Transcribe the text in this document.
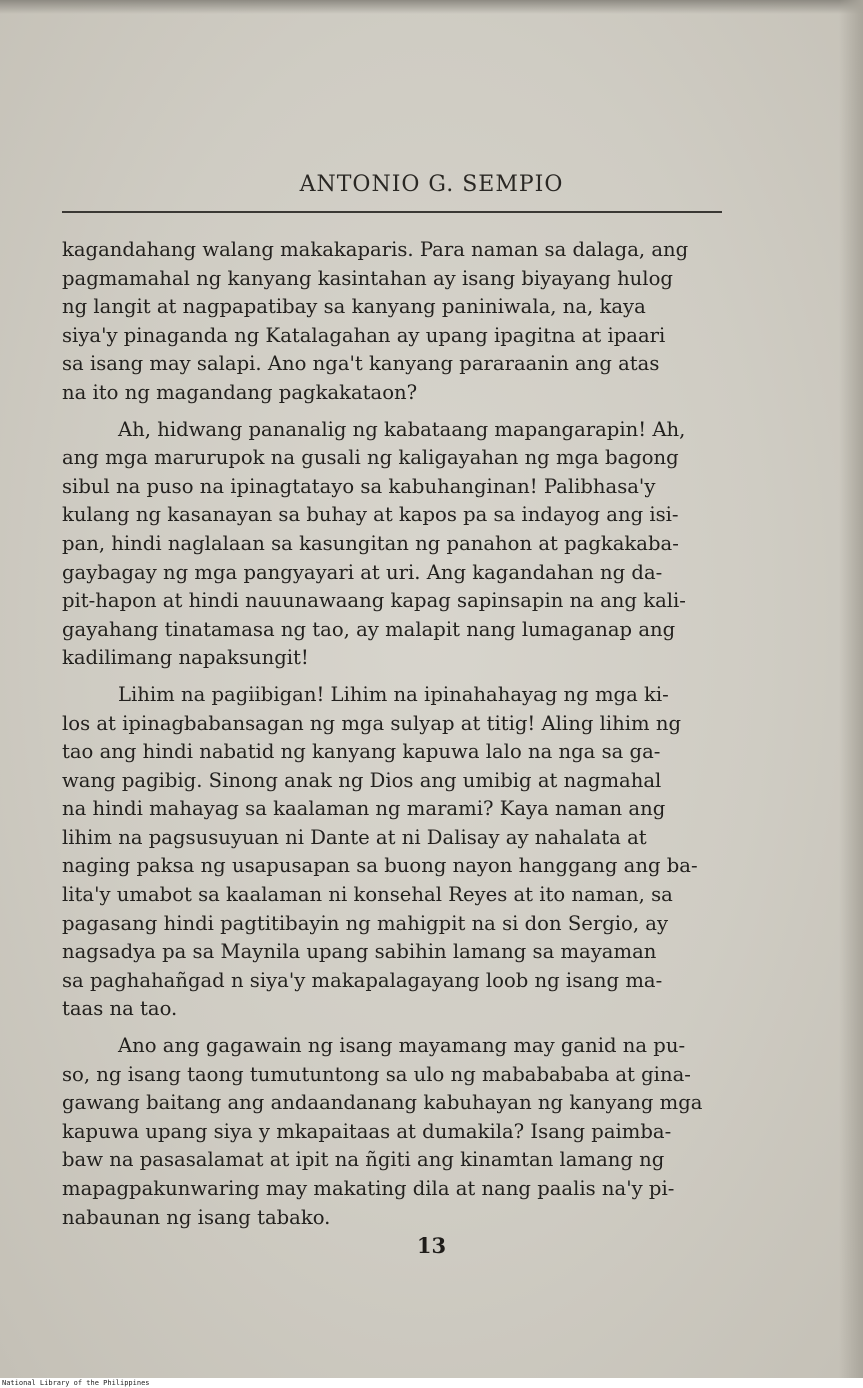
ANTONIO G. SEMPIO

kagandahang walang makakaparis. Para naman sa dalaga, ang
pagmamahal ng kanyang kasintahan ay isang biyayang hulog
ng langit at nagpapatibay sa kanyang paniniwala, na, kaya
siya'y pinaganda ng Katalagahan ay upang ipagitna at ipaari
sa isang may salapi. Ano nga't kanyang pararaanin ang atas
na ito ng magandang pagkakataon?

Ah, hidwang pananalig ng kabataang mapangarapin! Ah,
ang mga marurupok na gusali ng kaligayahan ng mga bagong
sibul na puso na ipinagtatayo sa kabuhanginan! Palibhasa'y
kulang ng kasanayan sa buhay at kapos pa sa indayog ang isi-
pan, hindi naglalaan sa kasungitan ng panahon at pagkakaba-
gaybagay ng mga pangyayari at uri. Ang kagandahan ng da-
pit-hapon at hindi nauunawaang kapag sapinsapin na ang kali-
gayahang tinatamasa ng tao, ay malapit nang lumaganap ang
kadilimang napaksungit!

Lihim na pagiibigan! Lihim na ipinahahayag ng mga ki-
los at ipinagbabansagan ng mga sulyap at titig! Aling lihim ng
tao ang hindi nabatid ng kanyang kapuwa lalo na nga sa ga-
wang pagibig. Sinong anak ng Dios ang umibig at nagmahal
na hindi mahayag sa kaalaman ng marami? Kaya naman ang
lihim na pagsusuyuan ni Dante at ni Dalisay ay nahalata at
naging paksa ng usapusapan sa buong nayon hanggang ang ba-
lita'y umabot sa kaalaman ni konsehal Reyes at ito naman, sa
pagasang hindi pagtitibayin ng mahigpit na si don Sergio, ay
nagsadya pa sa Maynila upang sabihin lamang sa mayaman
sa paghahañgad n siya'y makapalagayang loob ng isang ma-
taas na tao.

Ano ang gagawain ng isang mayamang may ganid na pu-
so, ng isang taong tumutuntong sa ulo ng mababababa at gina-
gawang baitang ang andaandanang kabuhayan ng kanyang mga
kapuwa upang siya y mkapaitaas at dumakila? Isang paimba-
baw na pasasalamat at ipit na ñgiti ang kinamtan lamang ng
mapagpakunwaring may makating dila at nang paalis na'y pi-
nabaunan ng isang tabako.

13
National Library of the Philippines
